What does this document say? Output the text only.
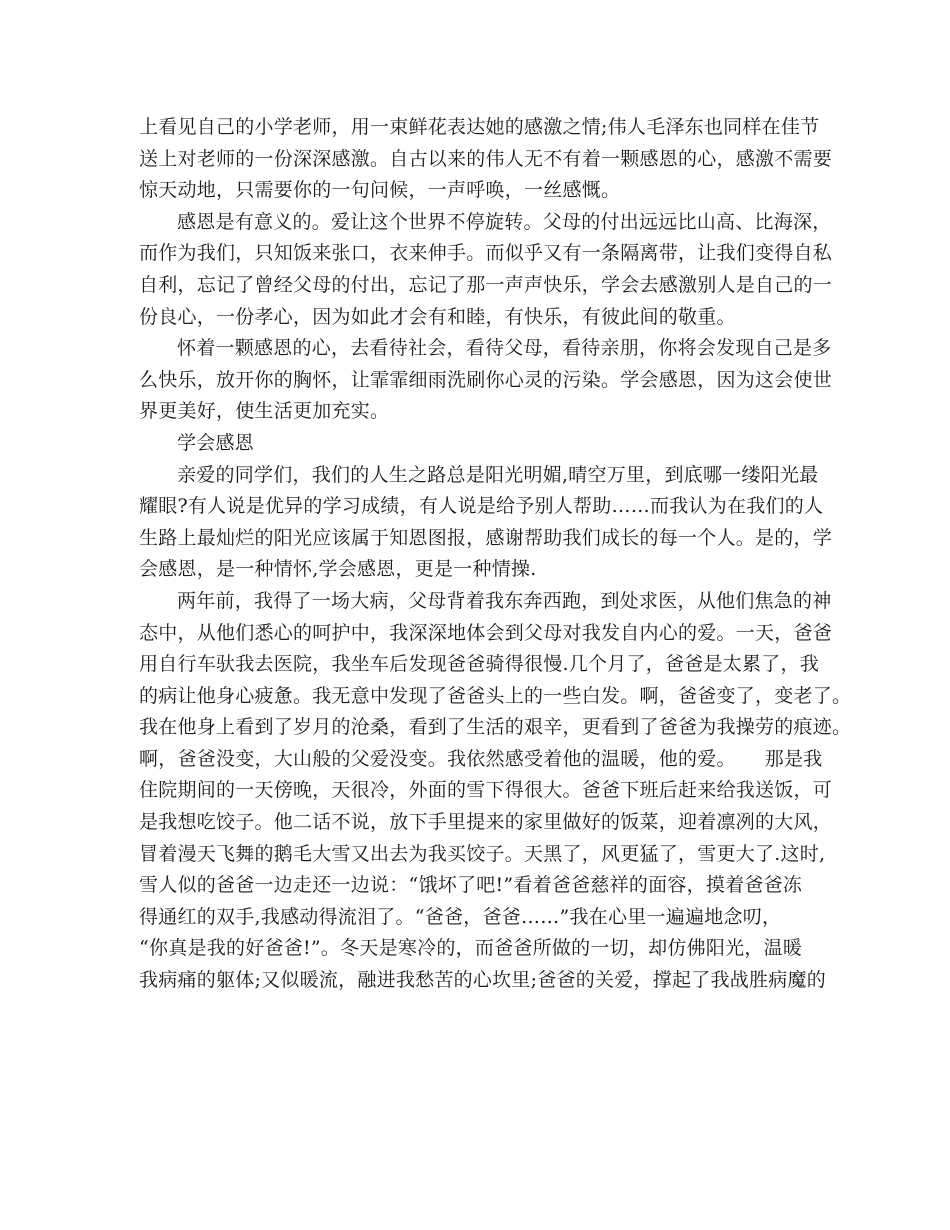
上看见自己的小学老师，用一束鲜花表达她的感激之情;伟人毛泽东也同样在佳节
送上对老师的一份深深感激。自古以来的伟人无不有着一颗感恩的心，感激不需要
惊天动地，只需要你的一句问候，一声呼唤，一丝感慨。
感恩是有意义的。爱让这个世界不停旋转。父母的付出远远比山高、比海深，
而作为我们，只知饭来张口，衣来伸手。而似乎又有一条隔离带，让我们变得自私
自利，忘记了曾经父母的付出，忘记了那一声声快乐，学会去感激别人是自己的一
份良心，一份孝心，因为如此才会有和睦，有快乐，有彼此间的敬重。
怀着一颗感恩的心，去看待社会，看待父母，看待亲朋，你将会发现自己是多
么快乐，放开你的胸怀，让霏霏细雨洗刷你心灵的污染。学会感恩，因为这会使世
界更美好，使生活更加充实。
学会感恩
亲爱的同学们，我们的人生之路总是阳光明媚,晴空万里，到底哪一缕阳光最
耀眼?有人说是优异的学习成绩，有人说是给予别人帮助……而我认为在我们的人
生路上最灿烂的阳光应该属于知恩图报，感谢帮助我们成长的每一个人。是的，学
会感恩，是一种情怀,学会感恩，更是一种情操.
两年前，我得了一场大病，父母背着我东奔西跑，到处求医，从他们焦急的神
态中，从他们悉心的呵护中，我深深地体会到父母对我发自内心的爱。一天，爸爸
用自行车驮我去医院，我坐车后发现爸爸骑得很慢.几个月了，爸爸是太累了，我
的病让他身心疲惫。我无意中发现了爸爸头上的一些白发。啊，爸爸变了，变老了。
我在他身上看到了岁月的沧桑，看到了生活的艰辛，更看到了爸爸为我操劳的痕迹。
啊，爸爸没变，大山般的父爱没变。我依然感受着他的温暖，他的爱。　　那是我
住院期间的一天傍晚，天很冷，外面的雪下得很大。爸爸下班后赶来给我送饭，可
是我想吃饺子。他二话不说，放下手里提来的家里做好的饭菜，迎着凛冽的大风，
冒着漫天飞舞的鹅毛大雪又出去为我买饺子。天黑了，风更猛了，雪更大了.这时,
雪人似的爸爸一边走还一边说：“饿坏了吧!”看着爸爸慈祥的面容，摸着爸爸冻
得通红的双手,我感动得流泪了。“爸爸，爸爸……”我在心里一遍遍地念叨，
“你真是我的好爸爸!”。冬天是寒冷的，而爸爸所做的一切，却仿佛阳光，温暖
我病痛的躯体;又似暖流，融进我愁苦的心坎里;爸爸的关爱，撑起了我战胜病魔的
